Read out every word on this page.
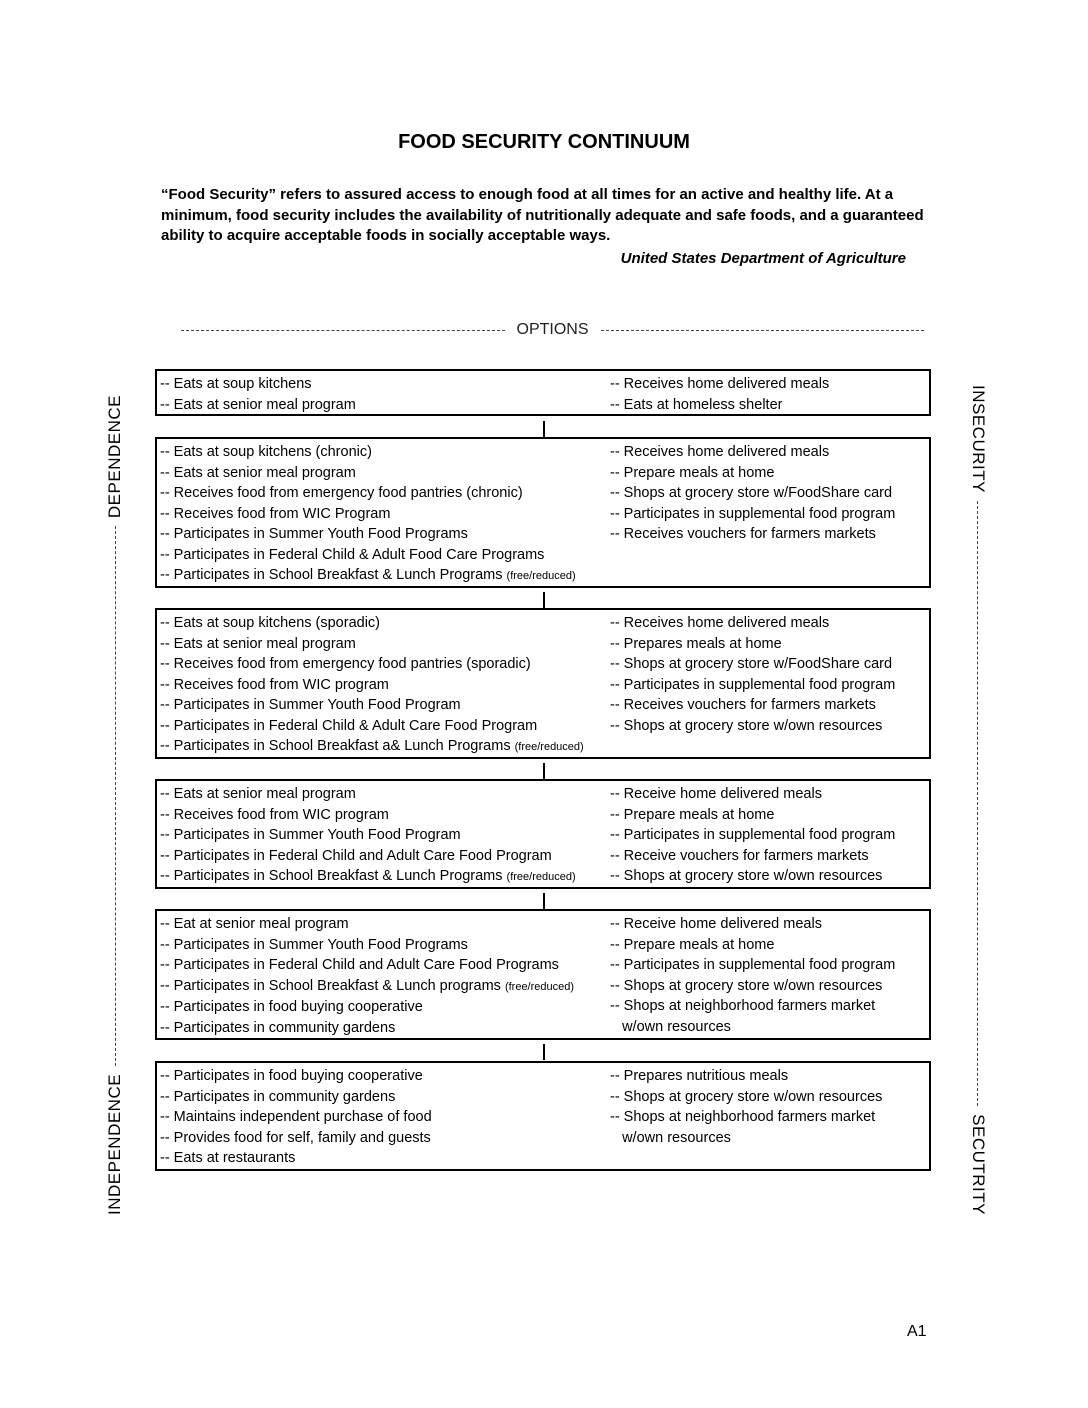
FOOD SECURITY CONTINUUM
“Food Security” refers to assured access to enough food at all times for an active and healthy life. At a minimum, food security includes the availability of nutritionally adequate and safe foods, and a guaranteed ability to acquire acceptable foods in socially acceptable ways.
United States Department of Agriculture
OPTIONS
-- Eats at soup kitchens
-- Eats at senior meal program
-- Receives home delivered meals
-- Eats at homeless shelter
-- Eats at soup kitchens (chronic)
-- Eats at senior meal program
-- Receives food from emergency food pantries (chronic)
-- Receives food from WIC Program
-- Participates in Summer Youth Food Programs
-- Participates in Federal Child & Adult Food Care Programs
-- Participates in School Breakfast & Lunch Programs (free/reduced)
-- Receives home delivered meals
-- Prepare meals at home
-- Shops at grocery store w/FoodShare card
-- Participates in supplemental food program
-- Receives vouchers for farmers markets
-- Eats at soup kitchens (sporadic)
-- Eats at senior meal program
-- Receives food from emergency food pantries (sporadic)
-- Receives food from WIC program
-- Participates in Summer Youth Food Program
-- Participates in Federal Child & Adult Care Food Program
-- Participates in School Breakfast a& Lunch Programs (free/reduced)
-- Receives home delivered meals
-- Prepares meals at home
-- Shops at grocery store w/FoodShare card
-- Participates in supplemental food program
-- Receives vouchers for farmers markets
-- Shops at grocery store w/own resources
-- Eats at senior meal program
-- Receives food from WIC program
-- Participates in Summer Youth Food Program
-- Participates in Federal Child and Adult Care Food Program
-- Participates in School Breakfast & Lunch Programs (free/reduced)
-- Receive home delivered meals
-- Prepare meals at home
-- Participates in supplemental food program
-- Receive vouchers for farmers markets
-- Shops at grocery store w/own resources
-- Eat at senior meal program
-- Participates in Summer Youth Food Programs
-- Participates in Federal Child and Adult Care Food Programs
-- Participates in School Breakfast & Lunch programs (free/reduced)
-- Participates in food buying cooperative
-- Participates in community gardens
-- Receive home delivered meals
-- Prepare meals at home
-- Participates in supplemental food program
-- Shops at grocery store w/own resources
-- Shops at neighborhood farmers market
w/own resources
-- Participates in food buying cooperative
-- Participates in community gardens
-- Maintains independent purchase of food
-- Provides food for self, family and guests
-- Eats at restaurants
-- Prepares nutritious meals
-- Shops at grocery store w/own resources
-- Shops at neighborhood farmers market
w/own resources
INDEPENDENCE
DEPENDENCE	INSECURITY
SECUTRITY
A1
